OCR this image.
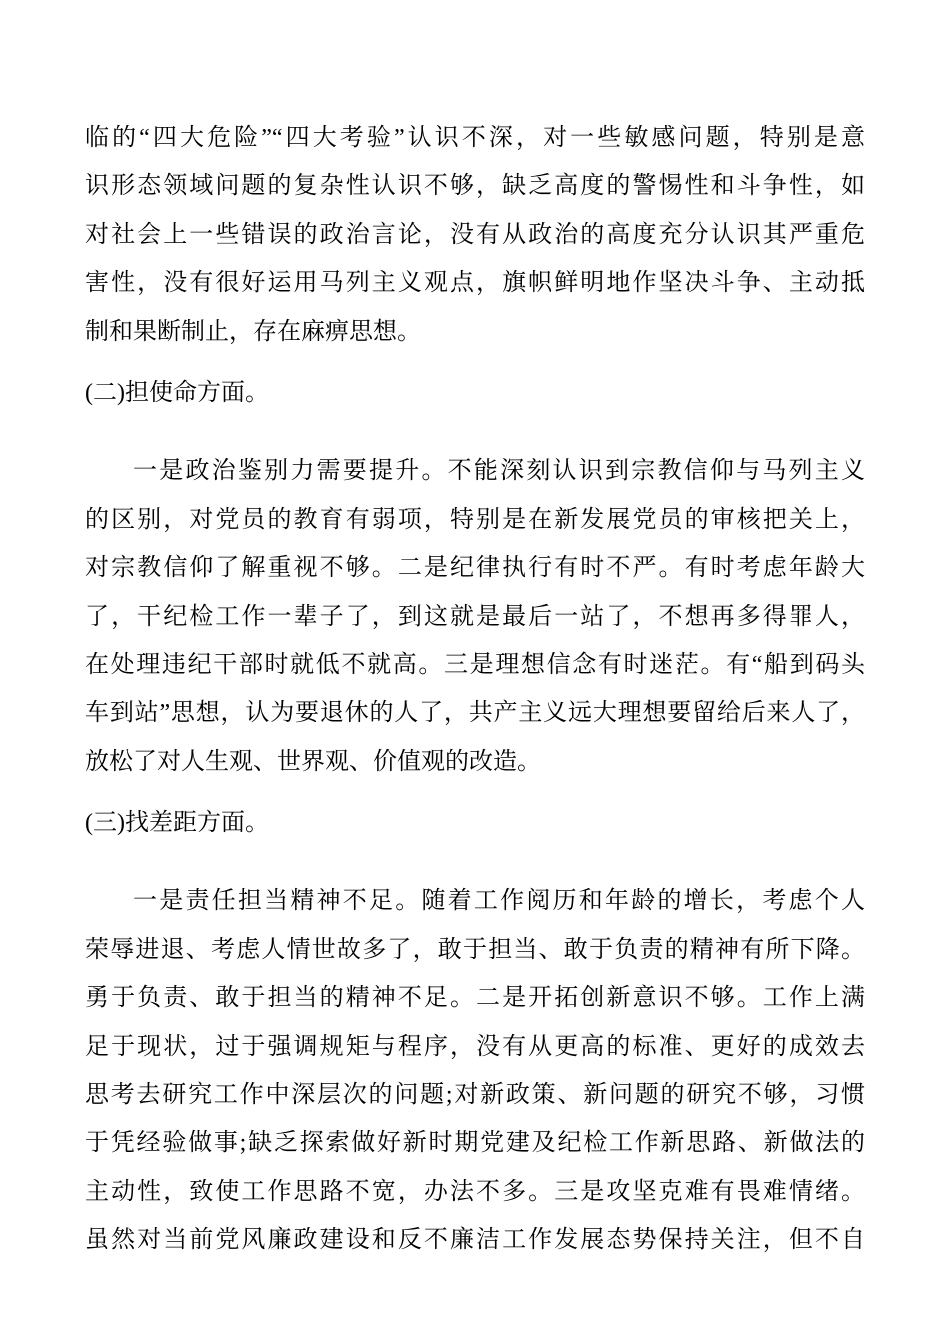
临的“四大危险”“四大考验”认识不深，对一些敏感问题，特别是意
识形态领域问题的复杂性认识不够，缺乏高度的警惕性和斗争性，如
对社会上一些错误的政治言论，没有从政治的高度充分认识其严重危
害性，没有很好运用马列主义观点，旗帜鲜明地作坚决斗争、主动抵
制和果断制止，存在麻痹思想。
(二)担使命方面。
一是政治鉴别力需要提升。不能深刻认识到宗教信仰与马列主义
的区别，对党员的教育有弱项，特别是在新发展党员的审核把关上，
对宗教信仰了解重视不够。二是纪律执行有时不严。有时考虑年龄大
了，干纪检工作一辈子了，到这就是最后一站了，不想再多得罪人，
在处理违纪干部时就低不就高。三是理想信念有时迷茫。有“船到码头
车到站”思想，认为要退休的人了，共产主义远大理想要留给后来人了，
放松了对人生观、世界观、价值观的改造。
(三)找差距方面。
一是责任担当精神不足。随着工作阅历和年龄的增长，考虑个人
荣辱进退、考虑人情世故多了，敢于担当、敢于负责的精神有所下降。
勇于负责、敢于担当的精神不足。二是开拓创新意识不够。工作上满
足于现状，过于强调规矩与程序，没有从更高的标准、更好的成效去
思考去研究工作中深层次的问题;对新政策、新问题的研究不够，习惯
于凭经验做事;缺乏探索做好新时期党建及纪检工作新思路、新做法的
主动性，致使工作思路不宽，办法不多。三是攻坚克难有畏难情绪。
虽然对当前党风廉政建设和反不廉洁工作发展态势保持关注，但不自
